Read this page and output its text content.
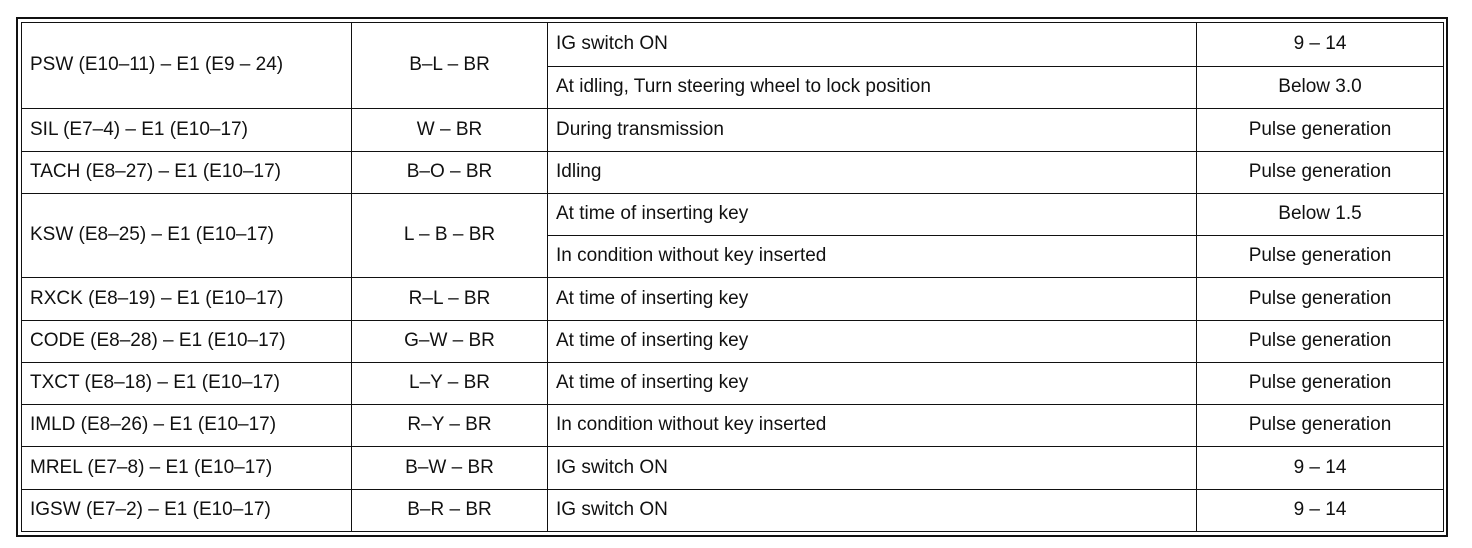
PSW (E10–11) – E1 (E9 – 24)	B–L – BR	IG switch ON	9 – 14
		At idling, Turn steering wheel to lock position	Below 3.0
SIL (E7–4) – E1 (E10–17)	W – BR	During transmission	Pulse generation
TACH (E8–27) – E1 (E10–17)	B–O – BR	Idling	Pulse generation
KSW (E8–25) – E1 (E10–17)	L – B – BR	At time of inserting key	Below 1.5
		In condition without key inserted	Pulse generation
RXCK (E8–19) – E1 (E10–17)	R–L – BR	At time of inserting key	Pulse generation
CODE (E8–28) – E1 (E10–17)	G–W – BR	At time of inserting key	Pulse generation
TXCT (E8–18) – E1 (E10–17)	L–Y – BR	At time of inserting key	Pulse generation
IMLD (E8–26) – E1 (E10–17)	R–Y – BR	In condition without key inserted	Pulse generation
MREL (E7–8) – E1 (E10–17)	B–W – BR	IG switch ON	9 – 14
IGSW (E7–2) – E1 (E10–17)	B–R – BR	IG switch ON	9 – 14
